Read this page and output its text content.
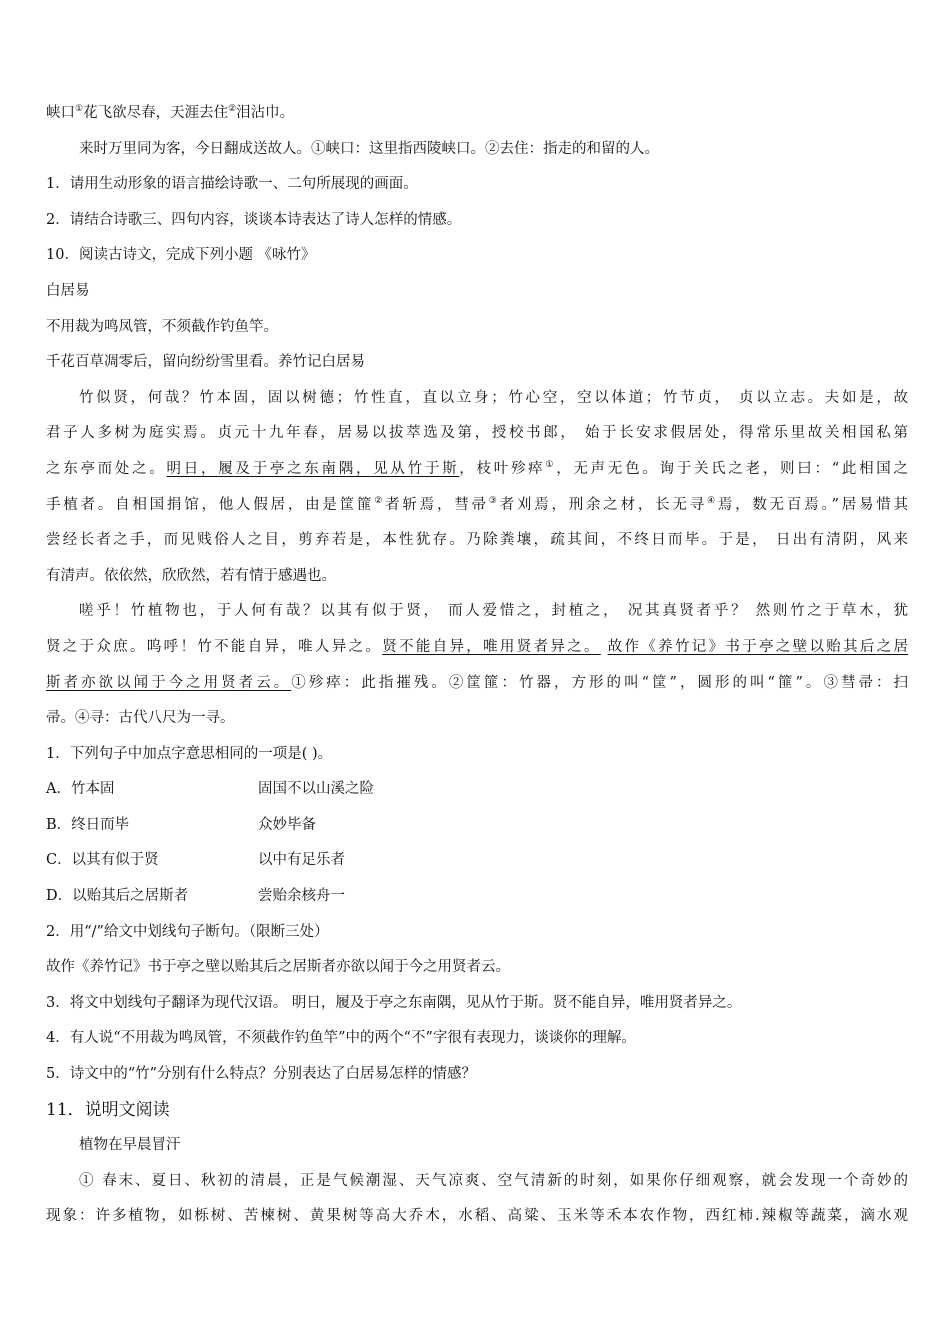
峡口①花飞欲尽春，天涯去住②泪沾巾。

来时万里同为客，今日翻成送故人。①峡口：这里指西陵峡口。②去住：指走的和留的人。

1．请用生动形象的语言描绘诗歌一、二句所展现的画面。

2．请结合诗歌三、四句内容，谈谈本诗表达了诗人怎样的情感。

10．阅读古诗文，完成下列小题 《咏竹》

白居易

不用裁为鸣凤管，不须截作钓鱼竿。

千花百草凋零后，留向纷纷雪里看。养竹记白居易

竹似贤，何哉？竹本固，固以树德；竹性直，直以立身；竹心空，空以体道；竹节贞， 贞以立志。夫如是，故

君子人多树为庭实焉。贞元十九年春，居易以拔萃选及第，授校书郎， 始于长安求假居处，得常乐里故关相国私第

之东亭而处之。明日，履及于亭之东南隅，见从竹于斯，枝叶殄瘁①，无声无色。询于关氏之老，则曰：“此相国之

手植者。自相国捐馆，他人假居，由是筐篚②者斩焉，彗帚③者刈焉，刑余之材，长无寻④焉，数无百焉。”居易惜其

尝经长者之手，而见贱俗人之目，剪弃若是，本性犹存。乃除粪壤，疏其间，不终日而毕。于是， 日出有清阴，风来

有清声。依依然，欣欣然，若有情于感遇也。

嗟乎！竹植物也，于人何有哉？以其有似于贤， 而人爱惜之，封植之， 况其真贤者乎？ 然则竹之于草木，犹

贤之于众庶。呜呼！竹不能自异，唯人异之。贤不能自异，唯用贤者异之。 故作《养竹记》书于亭之壁以贻其后之居

斯者亦欲以闻于今之用贤者云。①殄瘁：此指摧残。②筐篚：竹器，方形的叫“筐”，圆形的叫“篚”。③彗帚：扫

帚。④寻：古代八尺为一寻。

1．下列句子中加点字意思相同的一项是( )。

A．竹本固	固国不以山溪之险
B．终日而毕	众妙毕备
C．以其有似于贤	以中有足乐者
D．以贻其后之居斯者	尝贻余核舟一

2．用“/”给文中划线句子断句。（限断三处）

故作《养竹记》书于亭之壁以贻其后之居斯者亦欲以闻于今之用贤者云。

3．将文中划线句子翻译为现代汉语。 明日，履及于亭之东南隅，见从竹于斯。贤不能自异，唯用贤者异之。

4．有人说“不用裁为鸣凤管，不须截作钓鱼竿”中的两个“不”字很有表现力，谈谈你的理解。

5．诗文中的“竹”分别有什么特点？分别表达了白居易怎样的情感？

11．说明文阅读

植物在早晨冒汗

① 春末、夏日、秋初的清晨，正是气候潮湿、天气凉爽、空气清新的时刻，如果你仔细观察，就会发现一个奇妙的

现象：许多植物，如栎树、苦楝树、黄果树等高大乔木，水稻、高粱、玉米等禾本农作物，西红柿.辣椒等蔬菜，滴水观
